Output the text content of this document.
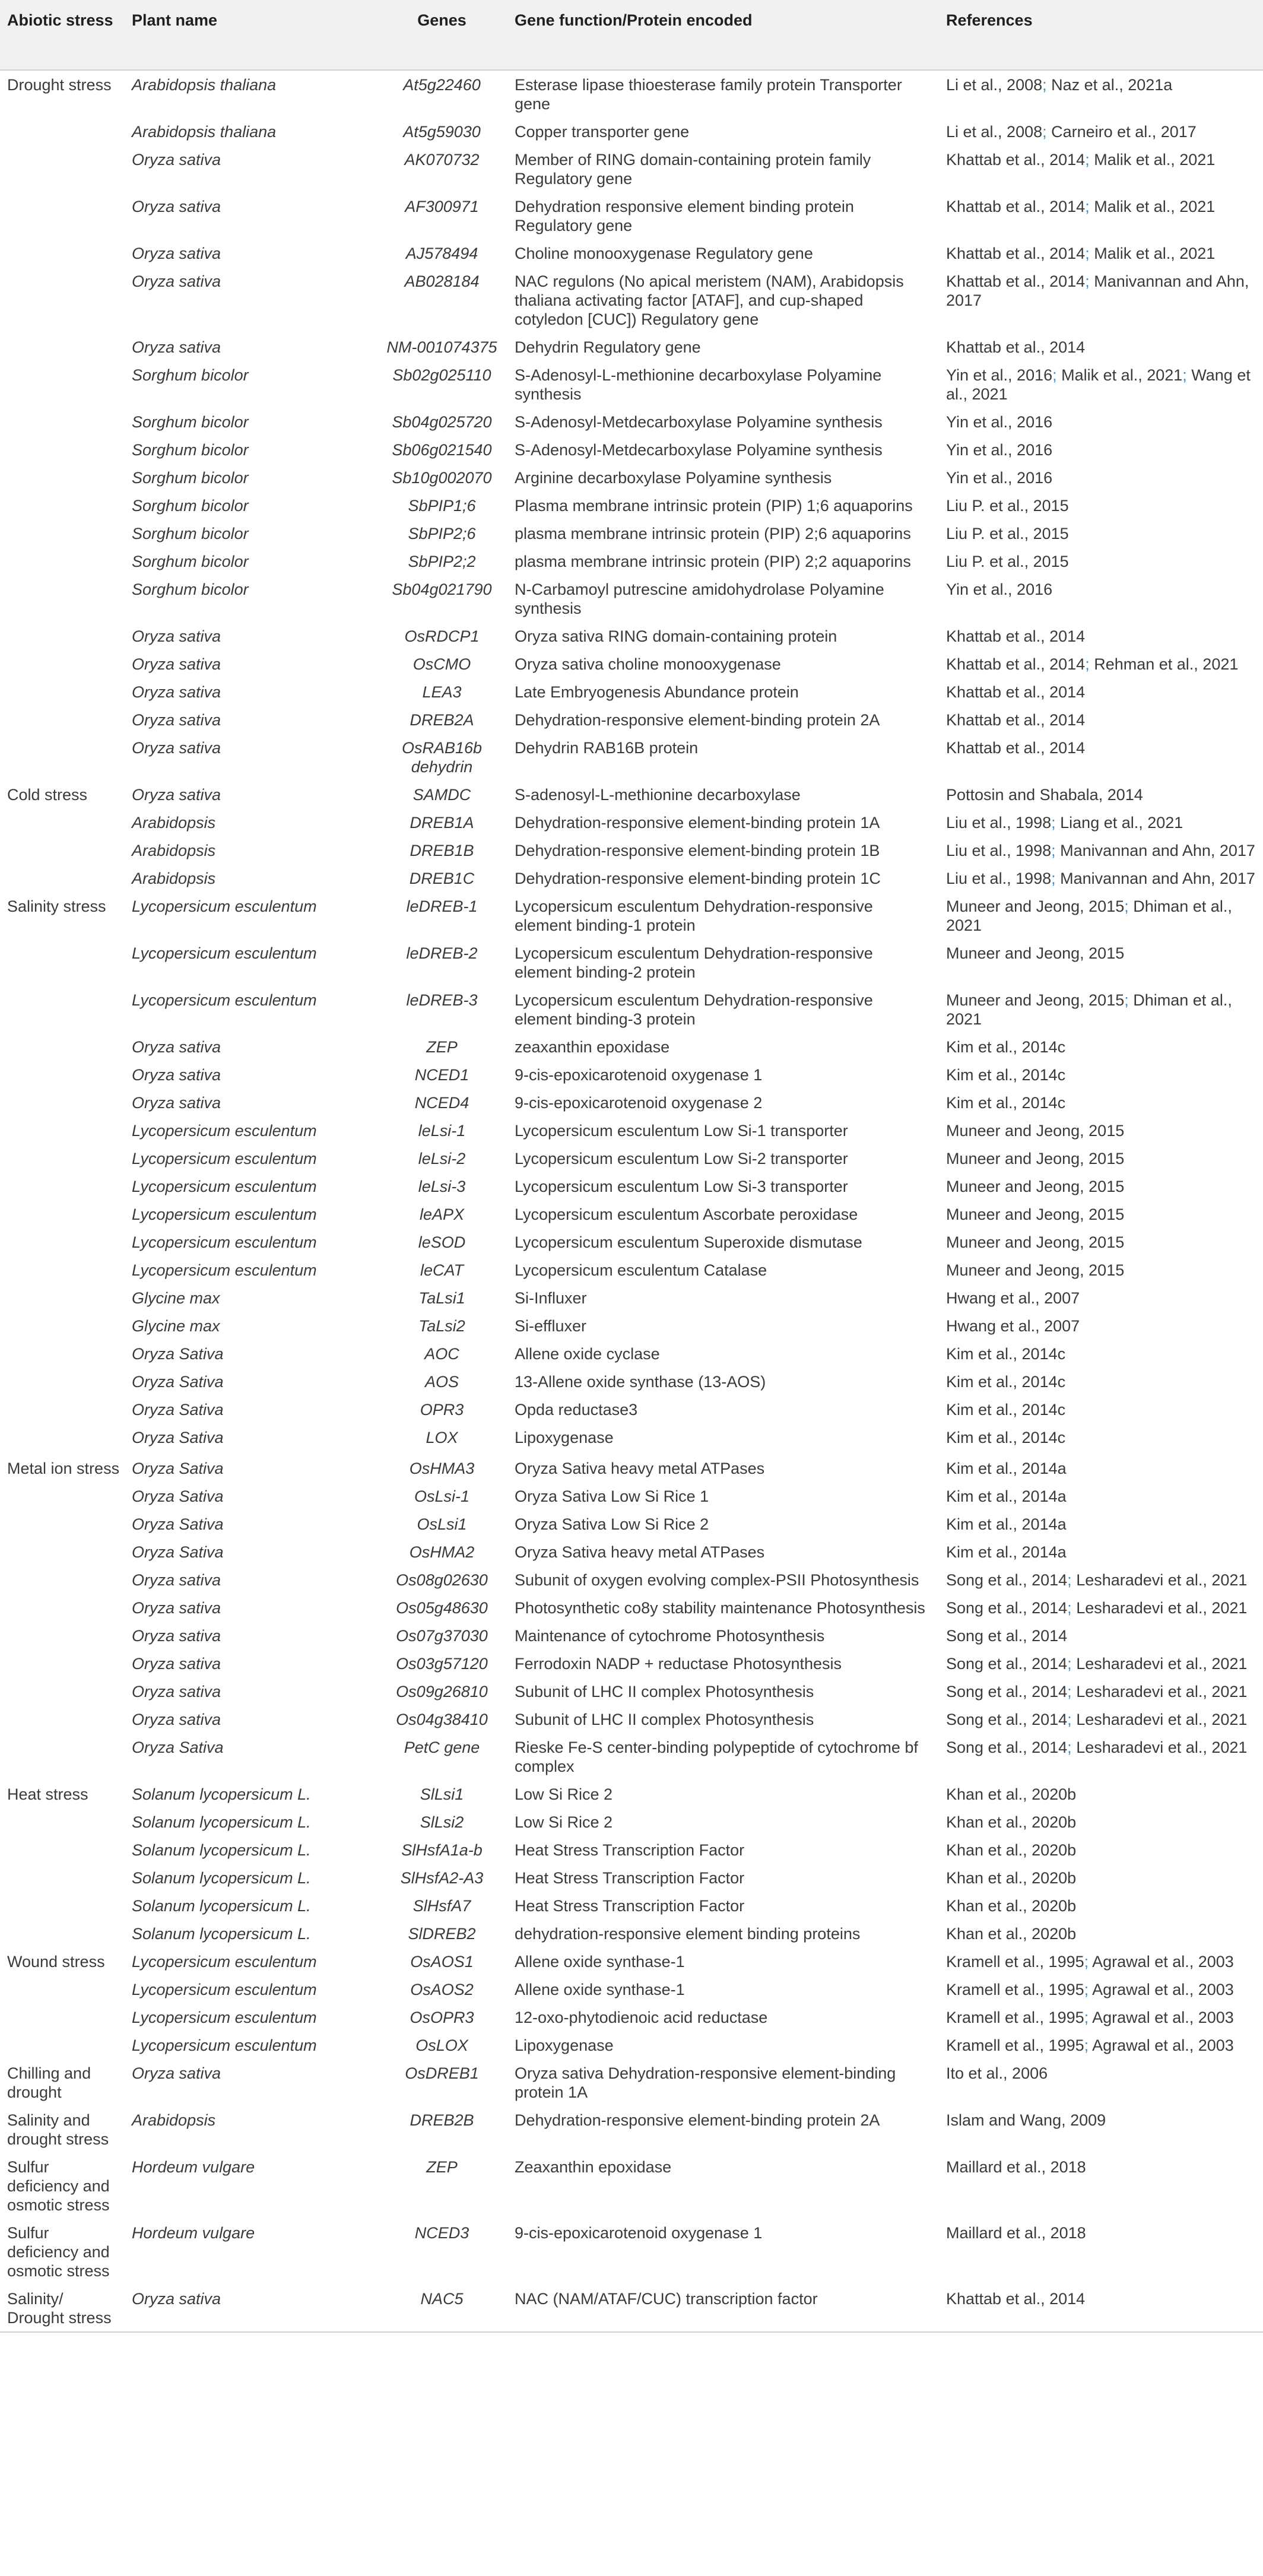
Abiotic stress	Plant name	Genes	Gene function/Protein encoded	References
Drought stress	Arabidopsis thaliana	At5g22460	Esterase lipase thioesterase family protein Transporter gene	Li et al., 2008; Naz et al., 2021a
	Arabidopsis thaliana	At5g59030	Copper transporter gene	Li et al., 2008; Carneiro et al., 2017
	Oryza sativa	AK070732	Member of RING domain-containing protein family Regulatory gene	Khattab et al., 2014; Malik et al., 2021
	Oryza sativa	AF300971	Dehydration responsive element binding protein Regulatory gene	Khattab et al., 2014; Malik et al., 2021
	Oryza sativa	AJ578494	Choline monooxygenase Regulatory gene	Khattab et al., 2014; Malik et al., 2021
	Oryza sativa	AB028184	NAC regulons (No apical meristem (NAM), Arabidopsis thaliana activating factor [ATAF], and cup-shaped cotyledon [CUC]) Regulatory gene	Khattab et al., 2014; Manivannan and Ahn, 2017
	Oryza sativa	NM-001074375	Dehydrin Regulatory gene	Khattab et al., 2014
	Sorghum bicolor	Sb02g025110	S-Adenosyl-L-methionine decarboxylase Polyamine synthesis	Yin et al., 2016; Malik et al., 2021; Wang et al., 2021
	Sorghum bicolor	Sb04g025720	S-Adenosyl-Metdecarboxylase Polyamine synthesis	Yin et al., 2016
	Sorghum bicolor	Sb06g021540	S-Adenosyl-Metdecarboxylase Polyamine synthesis	Yin et al., 2016
	Sorghum bicolor	Sb10g002070	Arginine decarboxylase Polyamine synthesis	Yin et al., 2016
	Sorghum bicolor	SbPIP1;6	Plasma membrane intrinsic protein (PIP) 1;6 aquaporins	Liu P. et al., 2015
	Sorghum bicolor	SbPIP2;6	plasma membrane intrinsic protein (PIP) 2;6 aquaporins	Liu P. et al., 2015
	Sorghum bicolor	SbPIP2;2	plasma membrane intrinsic protein (PIP) 2;2 aquaporins	Liu P. et al., 2015
	Sorghum bicolor	Sb04g021790	N-Carbamoyl putrescine amidohydrolase Polyamine synthesis	Yin et al., 2016
	Oryza sativa	OsRDCP1	Oryza sativa RING domain-containing protein	Khattab et al., 2014
	Oryza sativa	OsCMO	Oryza sativa choline monooxygenase	Khattab et al., 2014; Rehman et al., 2021
	Oryza sativa	LEA3	Late Embryogenesis Abundance protein	Khattab et al., 2014
	Oryza sativa	DREB2A	Dehydration-responsive element-binding protein 2A	Khattab et al., 2014
	Oryza sativa	OsRAB16b dehydrin	Dehydrin RAB16B protein	Khattab et al., 2014
Cold stress	Oryza sativa	SAMDC	S-adenosyl-L-methionine decarboxylase	Pottosin and Shabala, 2014
	Arabidopsis	DREB1A	Dehydration-responsive element-binding protein 1A	Liu et al., 1998; Liang et al., 2021
	Arabidopsis	DREB1B	Dehydration-responsive element-binding protein 1B	Liu et al., 1998; Manivannan and Ahn, 2017
	Arabidopsis	DREB1C	Dehydration-responsive element-binding protein 1C	Liu et al., 1998; Manivannan and Ahn, 2017
Salinity stress	Lycopersicum esculentum	leDREB-1	Lycopersicum esculentum Dehydration-responsive element binding-1 protein	Muneer and Jeong, 2015; Dhiman et al., 2021
	Lycopersicum esculentum	leDREB-2	Lycopersicum esculentum Dehydration-responsive element binding-2 protein	Muneer and Jeong, 2015
	Lycopersicum esculentum	leDREB-3	Lycopersicum esculentum Dehydration-responsive element binding-3 protein	Muneer and Jeong, 2015; Dhiman et al., 2021
	Oryza sativa	ZEP	zeaxanthin epoxidase	Kim et al., 2014c
	Oryza sativa	NCED1	9-cis-epoxicarotenoid oxygenase 1	Kim et al., 2014c
	Oryza sativa	NCED4	9-cis-epoxicarotenoid oxygenase 2	Kim et al., 2014c
	Lycopersicum esculentum	leLsi-1	Lycopersicum esculentum Low Si-1 transporter	Muneer and Jeong, 2015
	Lycopersicum esculentum	leLsi-2	Lycopersicum esculentum Low Si-2 transporter	Muneer and Jeong, 2015
	Lycopersicum esculentum	leLsi-3	Lycopersicum esculentum Low Si-3 transporter	Muneer and Jeong, 2015
	Lycopersicum esculentum	leAPX	Lycopersicum esculentum Ascorbate peroxidase	Muneer and Jeong, 2015
	Lycopersicum esculentum	leSOD	Lycopersicum esculentum Superoxide dismutase	Muneer and Jeong, 2015
	Lycopersicum esculentum	leCAT	Lycopersicum esculentum Catalase	Muneer and Jeong, 2015
	Glycine max	TaLsi1	Si-Influxer	Hwang et al., 2007
	Glycine max	TaLsi2	Si-effluxer	Hwang et al., 2007
	Oryza Sativa	AOC	Allene oxide cyclase	Kim et al., 2014c
	Oryza Sativa	AOS	13-Allene oxide synthase (13-AOS)	Kim et al., 2014c
	Oryza Sativa	OPR3	Opda reductase3	Kim et al., 2014c
	Oryza Sativa	LOX	Lipoxygenase	Kim et al., 2014c
Metal ion stress	Oryza Sativa	OsHMA3	Oryza Sativa heavy metal ATPases	Kim et al., 2014a
	Oryza Sativa	OsLsi-1	Oryza Sativa Low Si Rice 1	Kim et al., 2014a
	Oryza Sativa	OsLsi1	Oryza Sativa Low Si Rice 2	Kim et al., 2014a
	Oryza Sativa	OsHMA2	Oryza Sativa heavy metal ATPases	Kim et al., 2014a
	Oryza sativa	Os08g02630	Subunit of oxygen evolving complex-PSII Photosynthesis	Song et al., 2014; Lesharadevi et al., 2021
	Oryza sativa	Os05g48630	Photosynthetic co8y stability maintenance Photosynthesis	Song et al., 2014; Lesharadevi et al., 2021
	Oryza sativa	Os07g37030	Maintenance of cytochrome Photosynthesis	Song et al., 2014
	Oryza sativa	Os03g57120	Ferrodoxin NADP + reductase Photosynthesis	Song et al., 2014; Lesharadevi et al., 2021
	Oryza sativa	Os09g26810	Subunit of LHC II complex Photosynthesis	Song et al., 2014; Lesharadevi et al., 2021
	Oryza sativa	Os04g38410	Subunit of LHC II complex Photosynthesis	Song et al., 2014; Lesharadevi et al., 2021
	Oryza Sativa	PetC gene	Rieske Fe-S center-binding polypeptide of cytochrome bf complex	Song et al., 2014; Lesharadevi et al., 2021
Heat stress	Solanum lycopersicum L.	SlLsi1	Low Si Rice 2	Khan et al., 2020b
	Solanum lycopersicum L.	SlLsi2	Low Si Rice 2	Khan et al., 2020b
	Solanum lycopersicum L.	SlHsfA1a-b	Heat Stress Transcription Factor	Khan et al., 2020b
	Solanum lycopersicum L.	SlHsfA2-A3	Heat Stress Transcription Factor	Khan et al., 2020b
	Solanum lycopersicum L.	SlHsfA7	Heat Stress Transcription Factor	Khan et al., 2020b
	Solanum lycopersicum L.	SlDREB2	dehydration-responsive element binding proteins	Khan et al., 2020b
Wound stress	Lycopersicum esculentum	OsAOS1	Allene oxide synthase-1	Kramell et al., 1995; Agrawal et al., 2003
	Lycopersicum esculentum	OsAOS2	Allene oxide synthase-1	Kramell et al., 1995; Agrawal et al., 2003
	Lycopersicum esculentum	OsOPR3	12-oxo-phytodienoic acid reductase	Kramell et al., 1995; Agrawal et al., 2003
	Lycopersicum esculentum	OsLOX	Lipoxygenase	Kramell et al., 1995; Agrawal et al., 2003
Chilling and drought	Oryza sativa	OsDREB1	Oryza sativa Dehydration-responsive element-binding protein 1A	Ito et al., 2006
Salinity and drought stress	Arabidopsis	DREB2B	Dehydration-responsive element-binding protein 2A	Islam and Wang, 2009
Sulfur deficiency and osmotic stress	Hordeum vulgare	ZEP	Zeaxanthin epoxidase	Maillard et al., 2018
Sulfur deficiency and osmotic stress	Hordeum vulgare	NCED3	9-cis-epoxicarotenoid oxygenase 1	Maillard et al., 2018
Salinity/ Drought stress	Oryza sativa	NAC5	NAC (NAM/ATAF/CUC) transcription factor	Khattab et al., 2014
